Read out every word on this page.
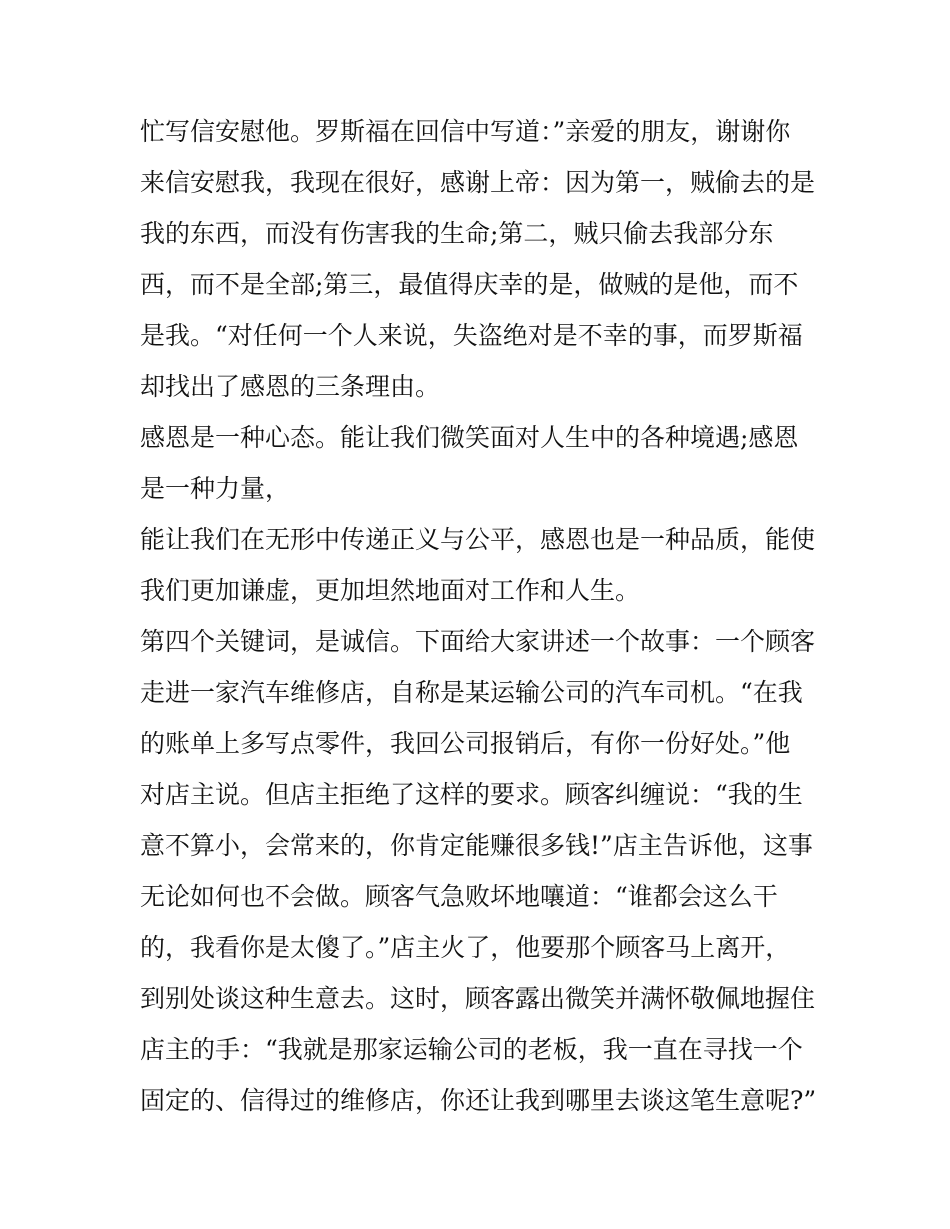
忙写信安慰他。罗斯福在回信中写道：”亲爱的朋友，谢谢你
来信安慰我，我现在很好，感谢上帝：因为第一，贼偷去的是
我的东西，而没有伤害我的生命;第二，贼只偷去我部分东
西，而不是全部;第三，最值得庆幸的是，做贼的是他，而不
是我。“对任何一个人来说，失盗绝对是不幸的事，而罗斯福
却找出了感恩的三条理由。
感恩是一种心态。能让我们微笑面对人生中的各种境遇;感恩
是一种力量，
能让我们在无形中传递正义与公平，感恩也是一种品质，能使
我们更加谦虚，更加坦然地面对工作和人生。
第四个关键词，是诚信。下面给大家讲述一个故事：一个顾客
走进一家汽车维修店，自称是某运输公司的汽车司机。“在我
的账单上多写点零件，我回公司报销后，有你一份好处。”他
对店主说。但店主拒绝了这样的要求。顾客纠缠说：“我的生
意不算小，会常来的，你肯定能赚很多钱!”店主告诉他，这事
无论如何也不会做。顾客气急败坏地嚷道：“谁都会这么干
的，我看你是太傻了。”店主火了，他要那个顾客马上离开，
到别处谈这种生意去。这时，顾客露出微笑并满怀敬佩地握住
店主的手：“我就是那家运输公司的老板，我一直在寻找一个
固定的、信得过的维修店，你还让我到哪里去谈这笔生意呢?”
